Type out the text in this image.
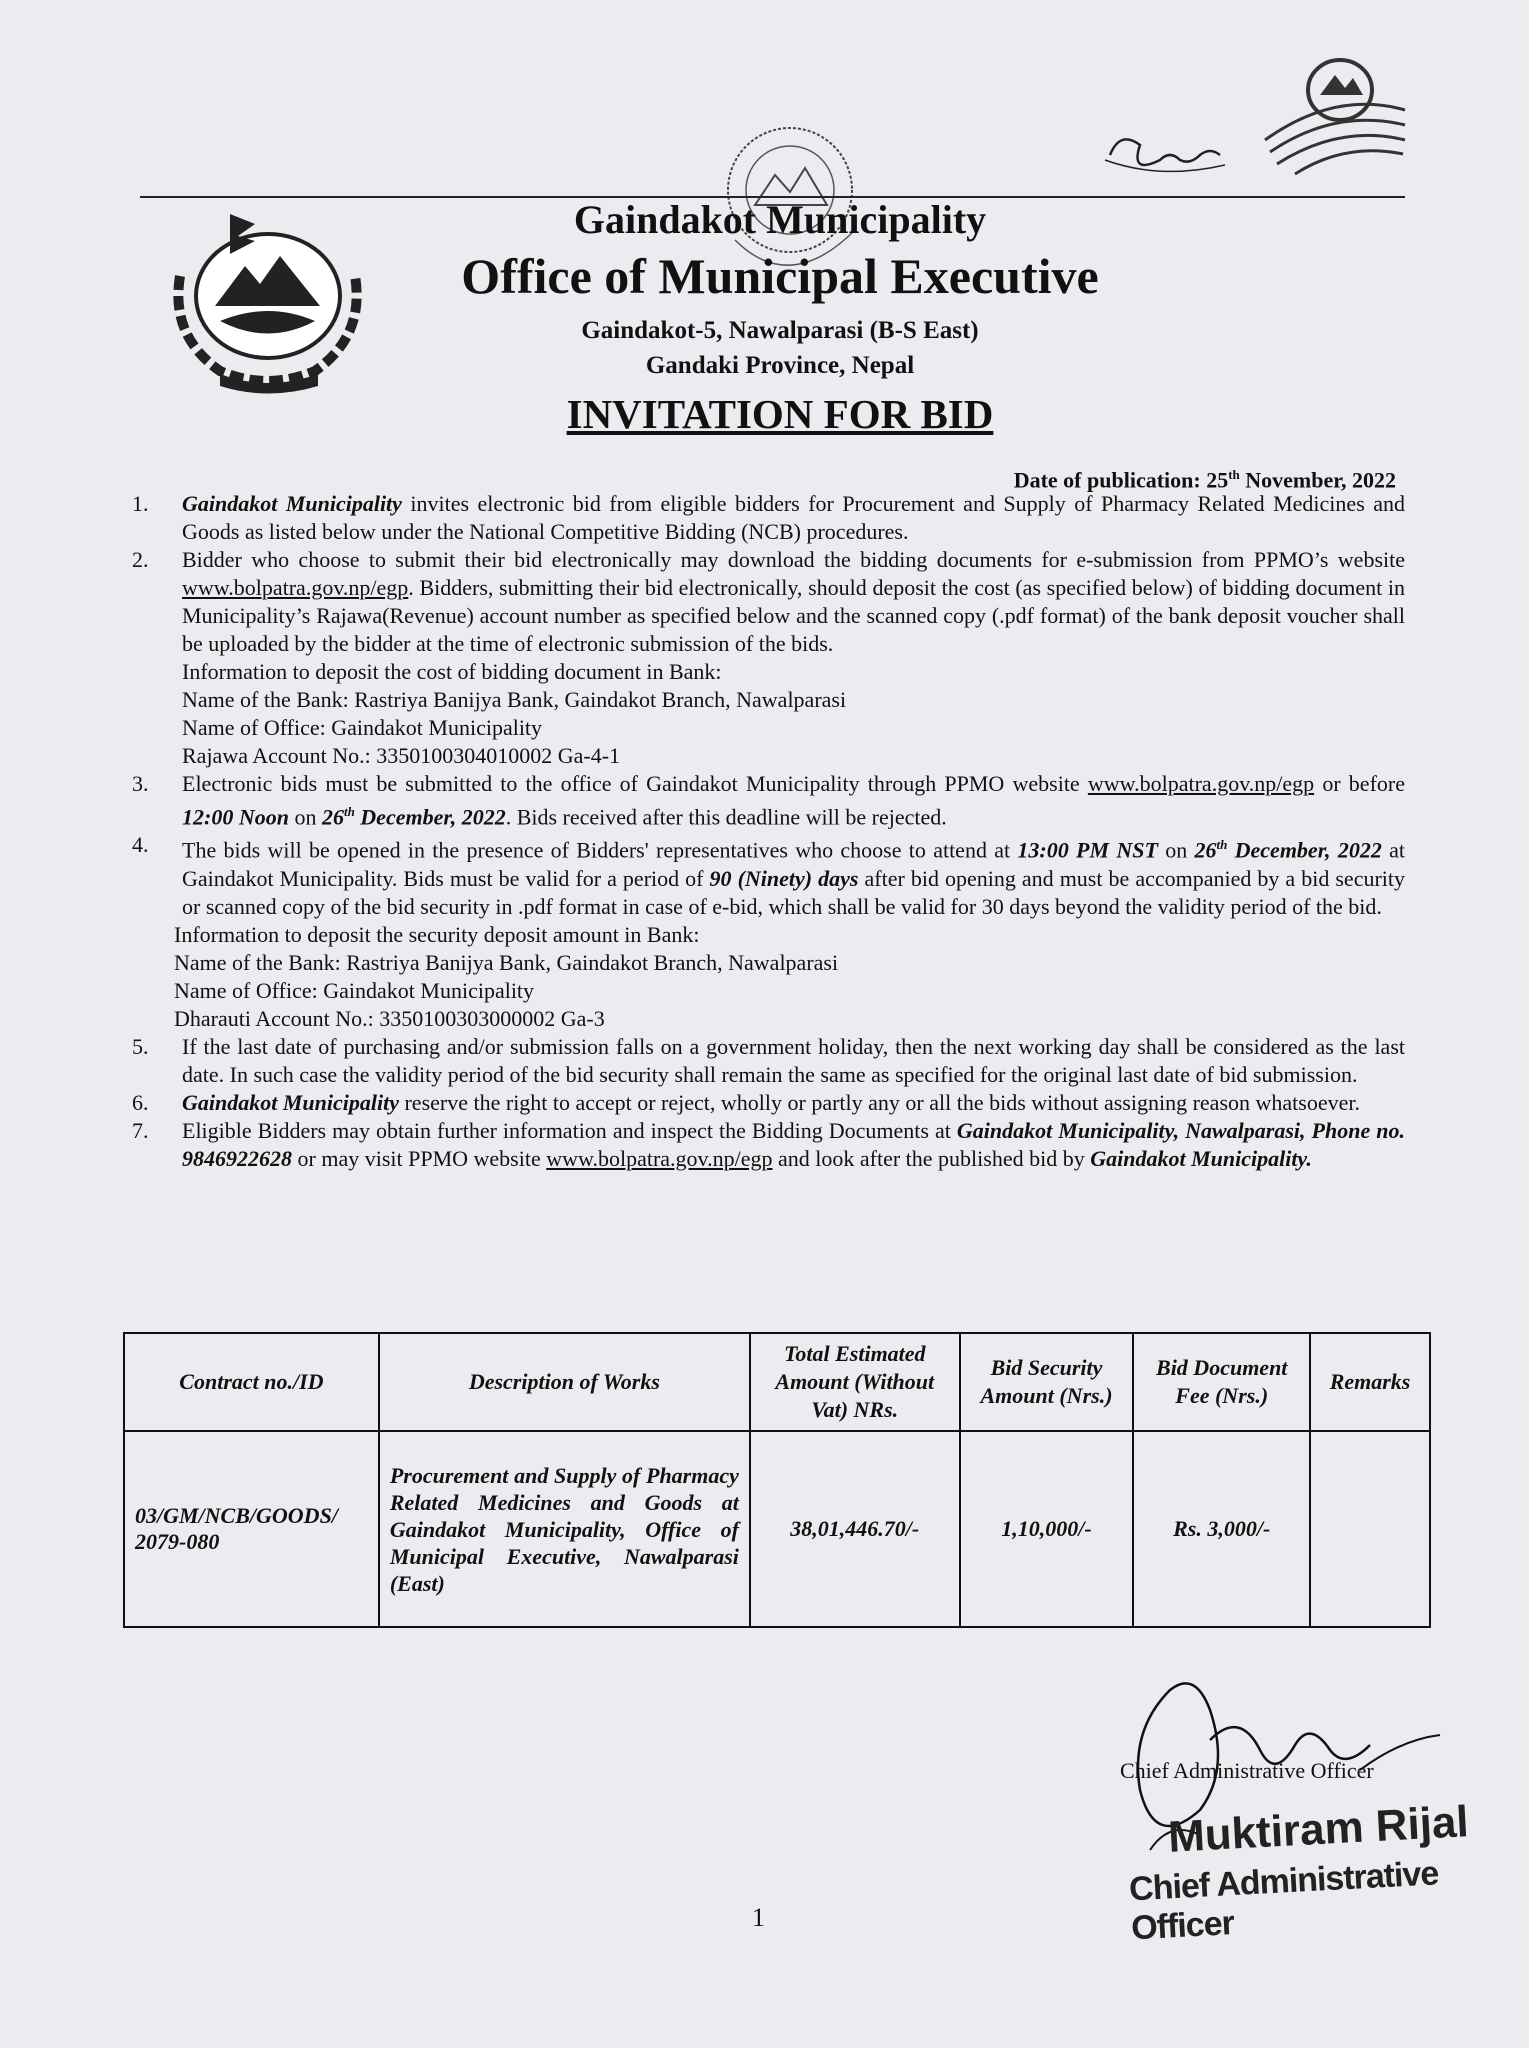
Gaindakot Municipality
Office of Municipal Executive
Gaindakot-5, Nawalparasi (B-S East)
Gandaki Province, Nepal
INVITATION FOR BID
Date of publication: 25th November, 2022
1.	Gaindakot Municipality invites electronic bid from eligible bidders for Procurement and Supply of Pharmacy Related Medicines and Goods as listed below under the National Competitive Bidding (NCB) procedures.
2.	Bidder who choose to submit their bid electronically may download the bidding documents for e-submission from PPMO’s website www.bolpatra.gov.np/egp. Bidders, submitting their bid electronically, should deposit the cost (as specified below) of bidding document in Municipality’s Rajawa(Revenue) account number as specified below and the scanned copy (.pdf format) of the bank deposit voucher shall be uploaded by the bidder at the time of electronic submission of the bids.
Information to deposit the cost of bidding document in Bank:
Name of the Bank: Rastriya Banijya Bank, Gaindakot Branch, Nawalparasi
Name of Office: Gaindakot Municipality
Rajawa Account No.: 3350100304010002 Ga-4-1
3.	Electronic bids must be submitted to the office of Gaindakot Municipality through PPMO website www.bolpatra.gov.np/egp or before 12:00 Noon on 26th December, 2022. Bids received after this deadline will be rejected.
4.	The bids will be opened in the presence of Bidders' representatives who choose to attend at 13:00 PM NST on 26th December, 2022 at Gaindakot Municipality. Bids must be valid for a period of 90 (Ninety) days after bid opening and must be accompanied by a bid security or scanned copy of the bid security in .pdf format in case of e-bid, which shall be valid for 30 days beyond the validity period of the bid.
Information to deposit the security deposit amount in Bank:
Name of the Bank: Rastriya Banijya Bank, Gaindakot Branch, Nawalparasi
Name of Office: Gaindakot Municipality
Dharauti Account No.: 3350100303000002 Ga-3
5.	If the last date of purchasing and/or submission falls on a government holiday, then the next working day shall be considered as the last date. In such case the validity period of the bid security shall remain the same as specified for the original last date of bid submission.
6.	Gaindakot Municipality reserve the right to accept or reject, wholly or partly any or all the bids without assigning reason whatsoever.
7.	Eligible Bidders may obtain further information and inspect the Bidding Documents at Gaindakot Municipality, Nawalparasi, Phone no. 9846922628 or may visit PPMO website www.bolpatra.gov.np/egp and look after the published bid by Gaindakot Municipality.
Contract no./ID	Description of Works	Total Estimated Amount (Without Vat) NRs.	Bid Security Amount (Nrs.)	Bid Document Fee (Nrs.)	Remarks
03/GM/NCB/GOODS/ 2079-080	Procurement and Supply of Pharmacy Related Medicines and Goods at Gaindakot Municipality, Office of Municipal Executive, Nawalparasi (East)	38,01,446.70/-	1,10,000/-	Rs. 3,000/-	
Chief Administrative Officer
Muktiram Rijal
Chief Administrative Officer
1
